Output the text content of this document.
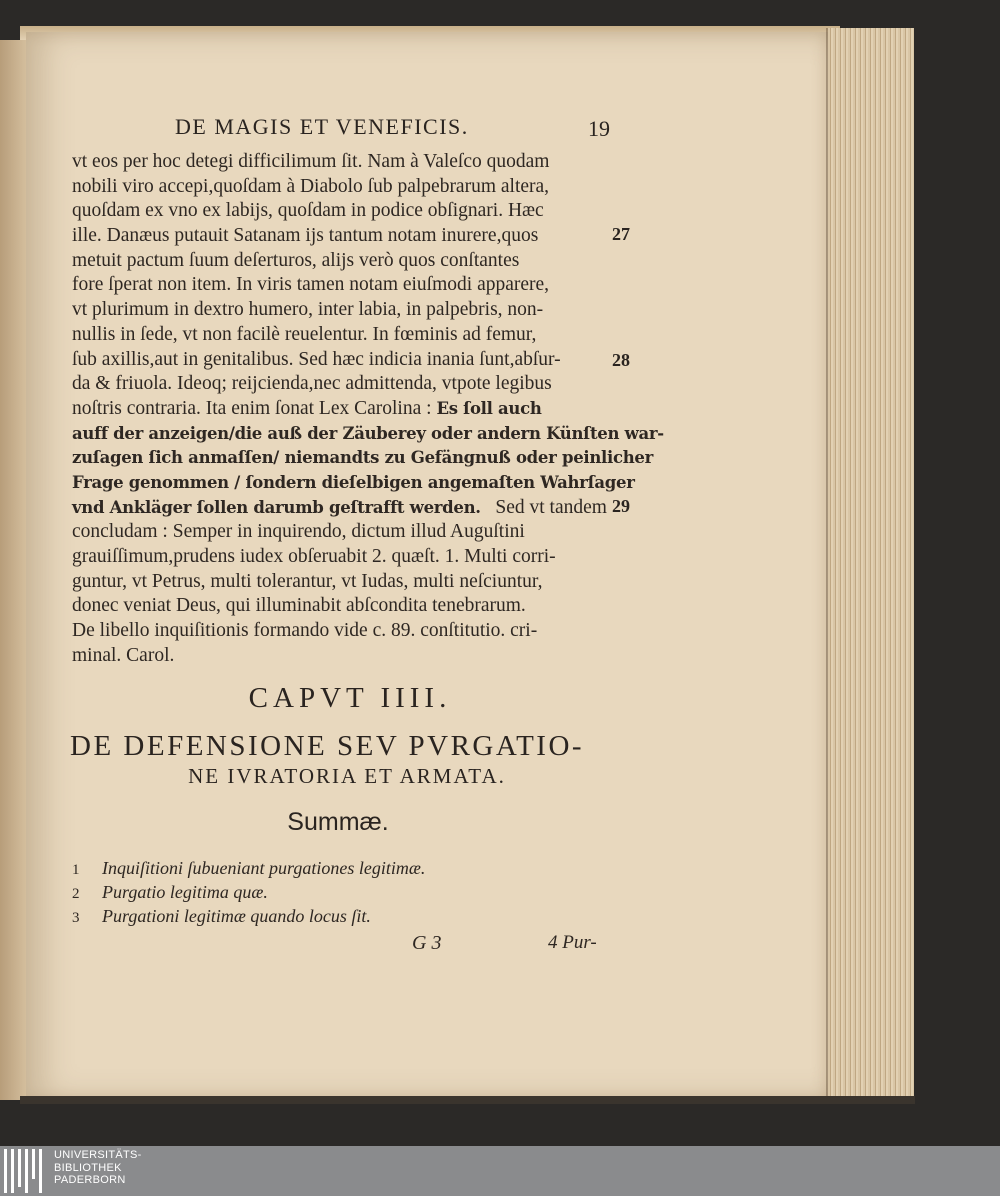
DE MAGIS ET VENEFICIS.	19
vt eos per hoc detegi difficilimum ſit. Nam à Valeſco quodam
nobili viro accepi,quoſdam à Diabolo ſub palpebrarum altera,
quoſdam ex vno ex labijs, quoſdam in podice obſignari. Hæc
ille. Danæus putauit Satanam ijs tantum notam inurere,quos
metuit pactum ſuum deſerturos, alijs verò quos conſtantes
fore ſperat non item. In viris tamen notam eiuſmodi apparere,
vt plurimum in dextro humero, inter labia, in palpebris, non-
nullis in ſede, vt non facilè reuelentur. In fœminis ad femur,
ſub axillis,aut in genitalibus. Sed hæc indicia inania ſunt,abſur-
da & friuola. Ideoq; reijcienda,nec admittenda, vtpote legibus
noſtris contraria. Ita enim ſonat Lex Carolina : Es ſoll auch
auff der anzeigen/die auß der Zäuberey oder andern Künſten war-
zuſagen ſich anmaſſen/ niemandts zu Gefängnuß oder peinlicher
Frage genommen / ſondern dieſelbigen angemaſten Wahrſager
vnd Ankläger ſollen darumb geſtrafft werden. Sed vt tandem
concludam : Semper in inquirendo, dictum illud Auguſtini
grauiſſimum,prudens iudex obſeruabit 2. quæſt. 1. Multi corri-
guntur, vt Petrus, multi tolerantur, vt Iudas, multi neſciuntur,
donec veniat Deus, qui illuminabit abſcondita tenebrarum.
De libello inquiſitionis formando vide c. 89. conſtitutio. cri-
minal. Carol.
27
28
29
CAPVT IIII.
DE DEFENSIONE SEV PVRGATIO-
NE IVRATORIA ET ARMATA.
Summæ.
1 Inquiſitioni ſubueniant purgationes legitimæ.
2 Purgatio legitima quæ.
3 Purgationi legitimæ quando locus ſit.
G 3	4 Pur-
UNIVERSITÄTS-
BIBLIOTHEK
PADERBORN
